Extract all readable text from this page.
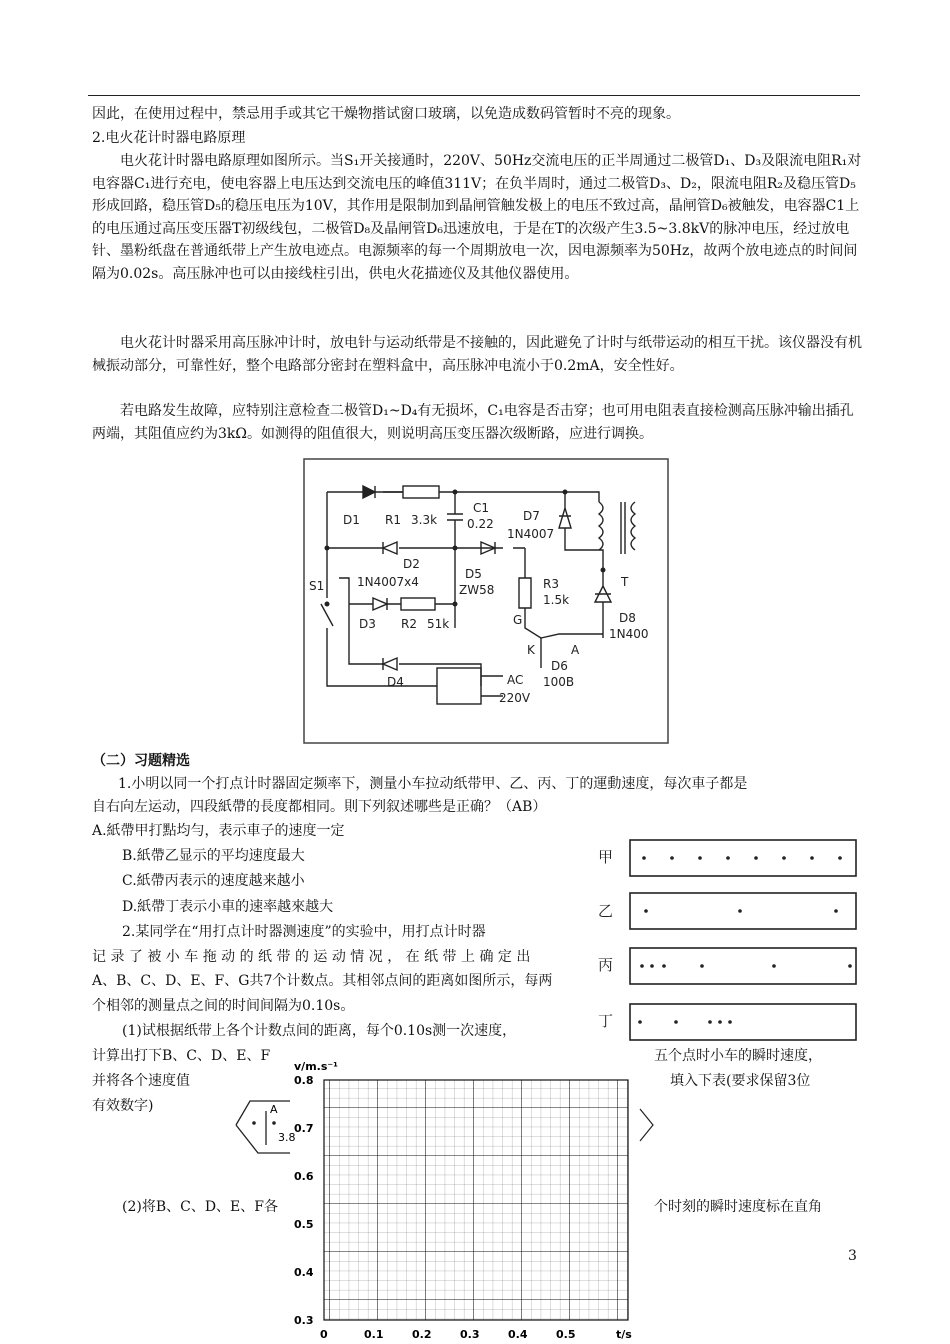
因此，在使用过程中，禁忌用手或其它干燥物揩试窗口玻璃，以免造成数码管暂时不亮的现象。
2.电火花计时器电路原理
电火花计时器电路原理如图所示。当S₁开关接通时，220V、50Hz交流电压的正半周通过二极管D₁、D₃及限流电阻R₁对电容器C₁进行充电，使电容器上电压达到交流电压的峰值311V；在负半周时，通过二极管D₃、D₂，限流电阻R₂及稳压管D₅形成回路，稳压管D₅的稳压电压为10V，其作用是限制加到晶闸管触发极上的电压不致过高，晶闸管D₆被触发，电容器C1上的电压通过高压变压器T初级线包，二极管D₈及晶闸管D₆迅速放电，于是在T的次级产生3.5~3.8kV的脉冲电压，经过放电针、墨粉纸盘在普通纸带上产生放电迹点。电源频率的每一个周期放电一次，因电源频率为50Hz，故两个放电迹点的时间间隔为0.02s。高压脉冲也可以由接线柱引出，供电火花描迹仪及其他仪器使用。
电火花计时器采用高压脉冲计时，放电针与运动纸带是不接触的，因此避免了计时与纸带运动的相互干扰。该仪器没有机械振动部分，可靠性好，整个电路部分密封在塑料盒中，高压脉冲电流小于0.2mA，安全性好。
若电路发生故障，应特别注意检查二极管D₁~D₄有无损坏，C₁电容是否击穿；也可用电阻表直接检测高压脉冲输出插孔两端，其阻值应约为3kΩ。如测得的阻值很大，则说明高压变压器次级断路，应进行调换。
D1 R1 3.3k
C1
0.22
D7
1N4007
D2
1N4007x4
D5
ZW58	R3
1.5k
S1
G
T
D8
1N400
D3 R2 51k
K	A
D4
D6
100B
AC
220V
（二）习题精选
1.小明以同一个打点计时器固定频率下，测量小车拉动纸带甲、乙、丙、丁的運動速度，每次車子都是
自右向左运动，四段紙帶的長度都相同。則下列叙述哪些是正确？（AB）
A.紙帶甲打點均勻，表示車子的速度一定
B.紙帶乙显示的平均速度最大
C.紙帶丙表示的速度越来越小
D.紙帶丁表示小車的速率越來越大
甲
乙
丙
丁
2.某同学在“用打点计时器测速度”的实验中，用打点计时器
记 录 了 被 小 车 拖 动 的 纸 带 的 运 动 情 况 ， 在 纸 带 上 确 定 出
A、B、C、D、E、F、G共7个计数点。其相邻点间的距离如图所示，每两
个相邻的测量点之间的时间间隔为0.10s。
(1)试根据纸带上各个计数点间的距离，每个0.10s测一次速度，
计算出打下B、C、D、E、F	五个点时小车的瞬时速度，
并将各个速度值	填入下表(要求保留3位
有效数字)
(2)将B、C、D、E、F各	个时刻的瞬时速度标在直角
A
3.8
v/m.s⁻¹
0.8
0.7
0.6
0.5
0.4
0.3
0	0.1	0.2	0.3	0.4	0.5	t/s
3
